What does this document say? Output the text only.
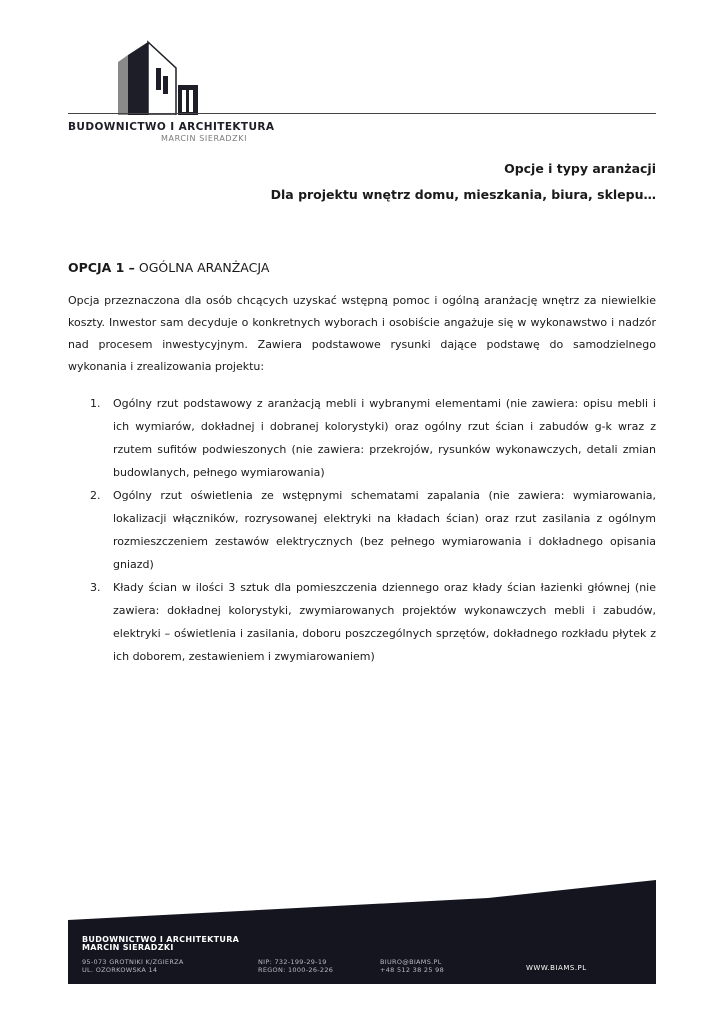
BUDOWNICTWO I ARCHITEKTURA
MARCIN SIERADZKI
Opcje i typy aranżacji
Dla projektu wnętrz domu, mieszkania, biura, sklepu…
OPCJA 1 – OGÓLNA ARANŻACJA

Opcja przeznaczona dla osób chcących uzyskać wstępną pomoc i ogólną aranżację wnętrz za niewielkie koszty. Inwestor sam decyduje o konkretnych wyborach i osobiście angażuje się w wykonawstwo i nadzór nad procesem inwestycyjnym. Zawiera podstawowe rysunki dające podstawę do samodzielnego wykonania i zrealizowania projektu:

1. Ogólny rzut podstawowy z aranżacją mebli i wybranymi elementami (nie zawiera: opisu mebli i ich wymiarów, dokładnej i dobranej kolorystyki) oraz ogólny rzut ścian i zabudów g-k wraz z rzutem sufitów podwieszonych (nie zawiera: przekrojów, rysunków wykonawczych, detali zmian budowlanych, pełnego wymiarowania)
2. Ogólny rzut oświetlenia ze wstępnymi schematami zapalania (nie zawiera: wymiarowania, lokalizacji włączników, rozrysowanej elektryki na kładach ścian) oraz rzut zasilania z ogólnym rozmieszczeniem zestawów elektrycznych (bez pełnego wymiarowania i dokładnego opisania gniazd)
3. Kłady ścian w ilości 3 sztuk dla pomieszczenia dziennego oraz kłady ścian łazienki głównej (nie zawiera: dokładnej kolorystyki, zwymiarowanych projektów wykonawczych mebli i zabudów, elektryki – oświetlenia i zasilania, doboru poszczególnych sprzętów, dokładnego rozkładu płytek z ich doborem, zestawieniem i zwymiarowaniem)
BUDOWNICTWO I ARCHITEKTURA
MARCIN SIERADZKI
95-073 GROTNIKI K/ZGIERZA
UL. OZORKOWSKA 14
NIP: 732-199-29-19
REGON: 1000-26-226
BIURO@BIAMS.PL
+48 512 38 25 98	WWW.BIAMS.PL
